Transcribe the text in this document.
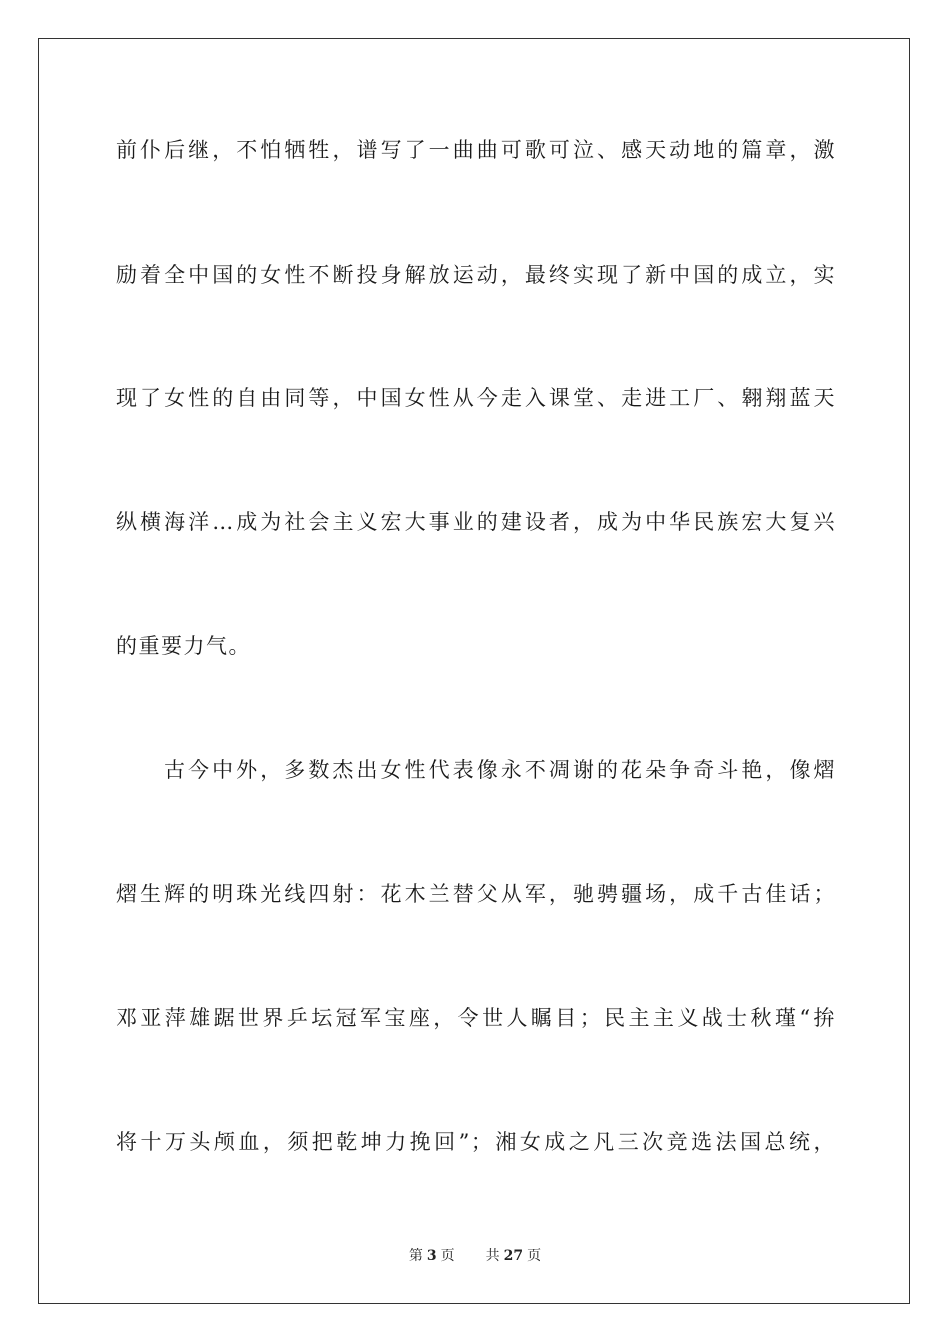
前仆后继，不怕牺牲，谱写了一曲曲可歌可泣、感天动地的篇章，激
励着全中国的女性不断投身解放运动，最终实现了新中国的成立，实
现了女性的自由同等，中国女性从今走入课堂、走进工厂、翱翔蓝天
纵横海洋…成为社会主义宏大事业的建设者，成为中华民族宏大复兴
的重要力气。
古今中外，多数杰出女性代表像永不凋谢的花朵争奇斗艳，像熠
熠生辉的明珠光线四射：花木兰替父从军，驰骋疆场，成千古佳话；
邓亚萍雄踞世界乒坛冠军宝座，令世人瞩目；民主主义战士秋瑾“拚
将十万头颅血，须把乾坤力挽回”；湘女成之凡三次竞选法国总统，
第 3 页 共 27 页
